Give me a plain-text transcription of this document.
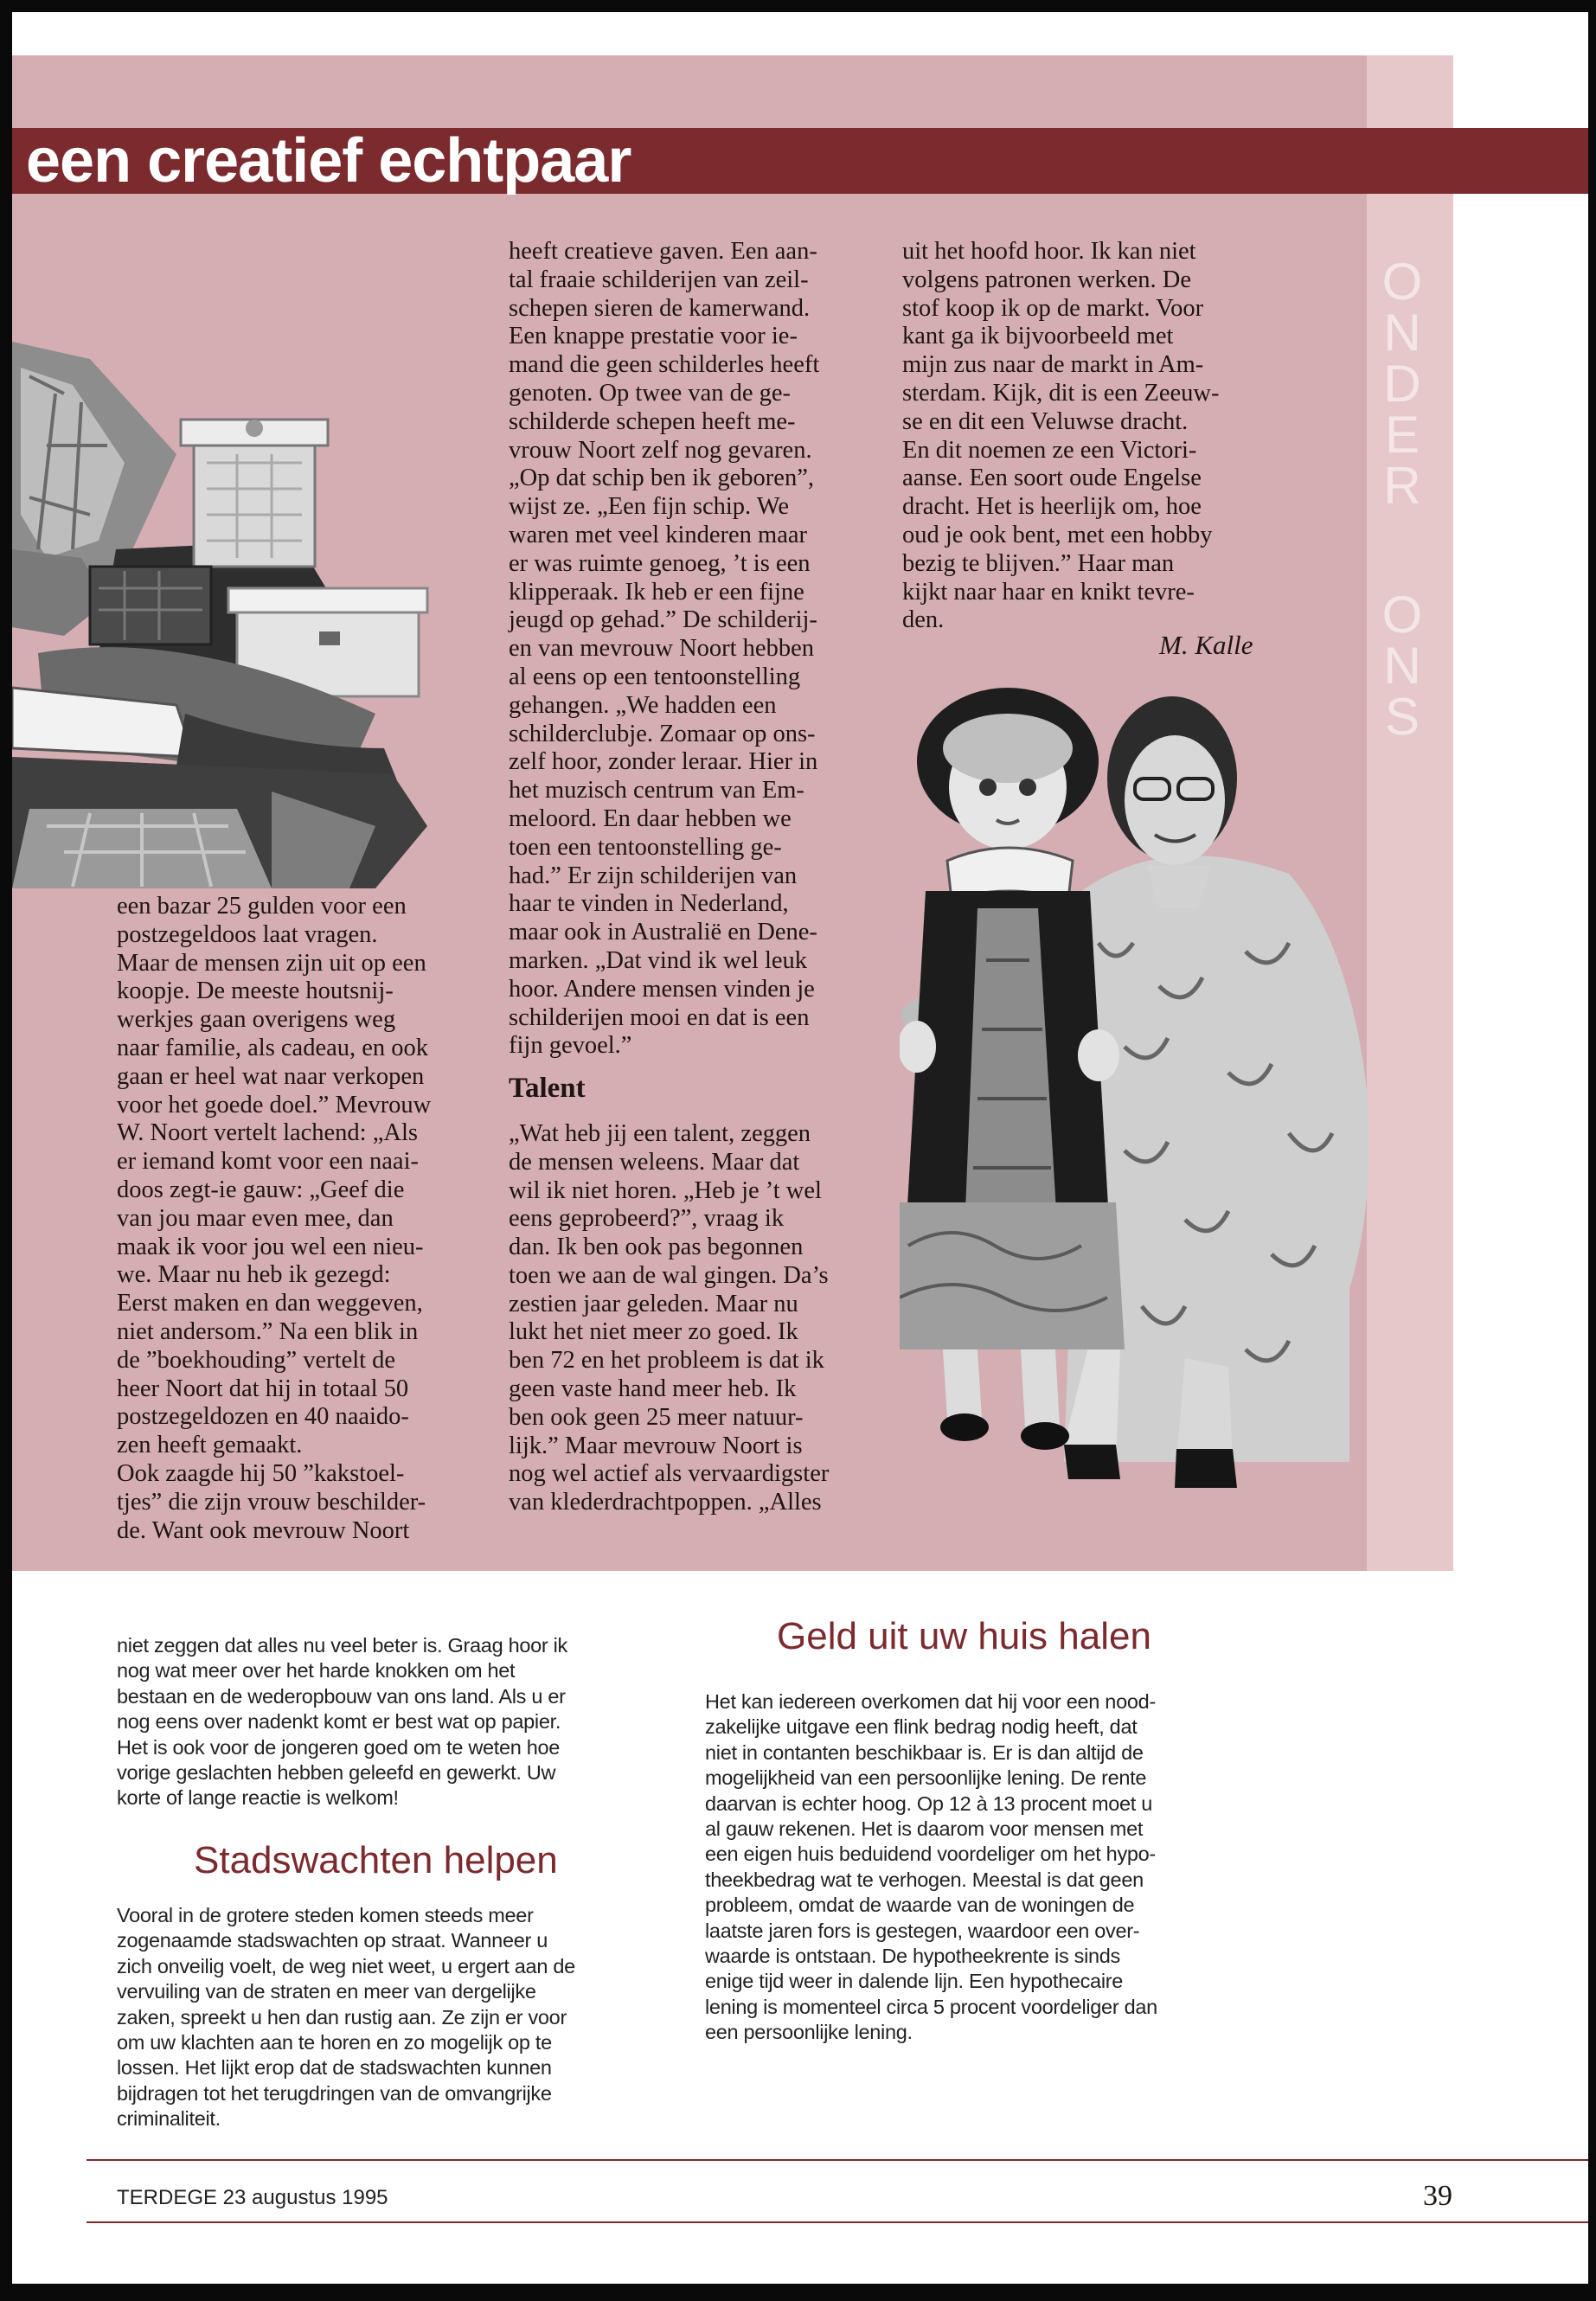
O
N
D
E
R
O
N
S
een creatief echtpaar
een bazar 25 gulden voor een
postzegeldoos laat vragen.
Maar de mensen zijn uit op een
koopje. De meeste houtsnij-
werkjes gaan overigens weg
naar familie, als cadeau, en ook
gaan er heel wat naar verkopen
voor het goede doel.” Mevrouw
W. Noort vertelt lachend: „Als
er iemand komt voor een naai-
doos zegt-ie gauw: „Geef die
van jou maar even mee, dan
maak ik voor jou wel een nieu-
we. Maar nu heb ik gezegd:
Eerst maken en dan weggeven,
niet andersom.” Na een blik in
de ”boekhouding” vertelt de
heer Noort dat hij in totaal 50
postzegeldozen en 40 naaido-
zen heeft gemaakt.
Ook zaagde hij 50 ”kakstoel-
tjes” die zijn vrouw beschilder-
de. Want ook mevrouw Noort
heeft creatieve gaven. Een aan-
tal fraaie schilderijen van zeil-
schepen sieren de kamerwand.
Een knappe prestatie voor ie-
mand die geen schilderles heeft
genoten. Op twee van de ge-
schilderde schepen heeft me-
vrouw Noort zelf nog gevaren.
„Op dat schip ben ik geboren”,
wijst ze. „Een fijn schip. We
waren met veel kinderen maar
er was ruimte genoeg, ’t is een
klipperaak. Ik heb er een fijne
jeugd op gehad.” De schilderij-
en van mevrouw Noort hebben
al eens op een tentoonstelling
gehangen. „We hadden een
schilderclubje. Zomaar op ons-
zelf hoor, zonder leraar. Hier in
het muzisch centrum van Em-
meloord. En daar hebben we
toen een tentoonstelling ge-
had.” Er zijn schilderijen van
haar te vinden in Nederland,
maar ook in Australië en Dene-
marken. „Dat vind ik wel leuk
hoor. Andere mensen vinden je
schilderijen mooi en dat is een
fijn gevoel.”
Talent
„Wat heb jij een talent, zeggen
de mensen weleens. Maar dat
wil ik niet horen. „Heb je ’t wel
eens geprobeerd?”, vraag ik
dan. Ik ben ook pas begonnen
toen we aan de wal gingen. Da’s
zestien jaar geleden. Maar nu
lukt het niet meer zo goed. Ik
ben 72 en het probleem is dat ik
geen vaste hand meer heb. Ik
ben ook geen 25 meer natuur-
lijk.” Maar mevrouw Noort is
nog wel actief als vervaardigster
van klederdrachtpoppen. „Alles
uit het hoofd hoor. Ik kan niet
volgens patronen werken. De
stof koop ik op de markt. Voor
kant ga ik bijvoorbeeld met
mijn zus naar de markt in Am-
sterdam. Kijk, dit is een Zeeuw-
se en dit een Veluwse dracht.
En dit noemen ze een Victori-
aanse. Een soort oude Engelse
dracht. Het is heerlijk om, hoe
oud je ook bent, met een hobby
bezig te blijven.” Haar man
kijkt naar haar en knikt tevre-
den.
M. Kalle
niet zeggen dat alles nu veel beter is. Graag hoor ik
nog wat meer over het harde knokken om het
bestaan en de wederopbouw van ons land. Als u er
nog eens over nadenkt komt er best wat op papier.
Het is ook voor de jongeren goed om te weten hoe
vorige geslachten hebben geleefd en gewerkt. Uw
korte of lange reactie is welkom!
Stadswachten helpen
Vooral in de grotere steden komen steeds meer
zogenaamde stadswachten op straat. Wanneer u
zich onveilig voelt, de weg niet weet, u ergert aan de
vervuiling van de straten en meer van dergelijke
zaken, spreekt u hen dan rustig aan. Ze zijn er voor
om uw klachten aan te horen en zo mogelijk op te
lossen. Het lijkt erop dat de stadswachten kunnen
bijdragen tot het terugdringen van de omvangrijke
criminaliteit.
Geld uit uw huis halen
Het kan iedereen overkomen dat hij voor een nood-
zakelijke uitgave een flink bedrag nodig heeft, dat
niet in contanten beschikbaar is. Er is dan altijd de
mogelijkheid van een persoonlijke lening. De rente
daarvan is echter hoog. Op 12 à 13 procent moet u
al gauw rekenen. Het is daarom voor mensen met
een eigen huis beduidend voordeliger om het hypo-
theekbedrag wat te verhogen. Meestal is dat geen
probleem, omdat de waarde van de woningen de
laatste jaren fors is gestegen, waardoor een over-
waarde is ontstaan. De hypotheekrente is sinds
enige tijd weer in dalende lijn. Een hypothecaire
lening is momenteel circa 5 procent voordeliger dan
een persoonlijke lening.
TERDEGE 23 augustus 1995	39
